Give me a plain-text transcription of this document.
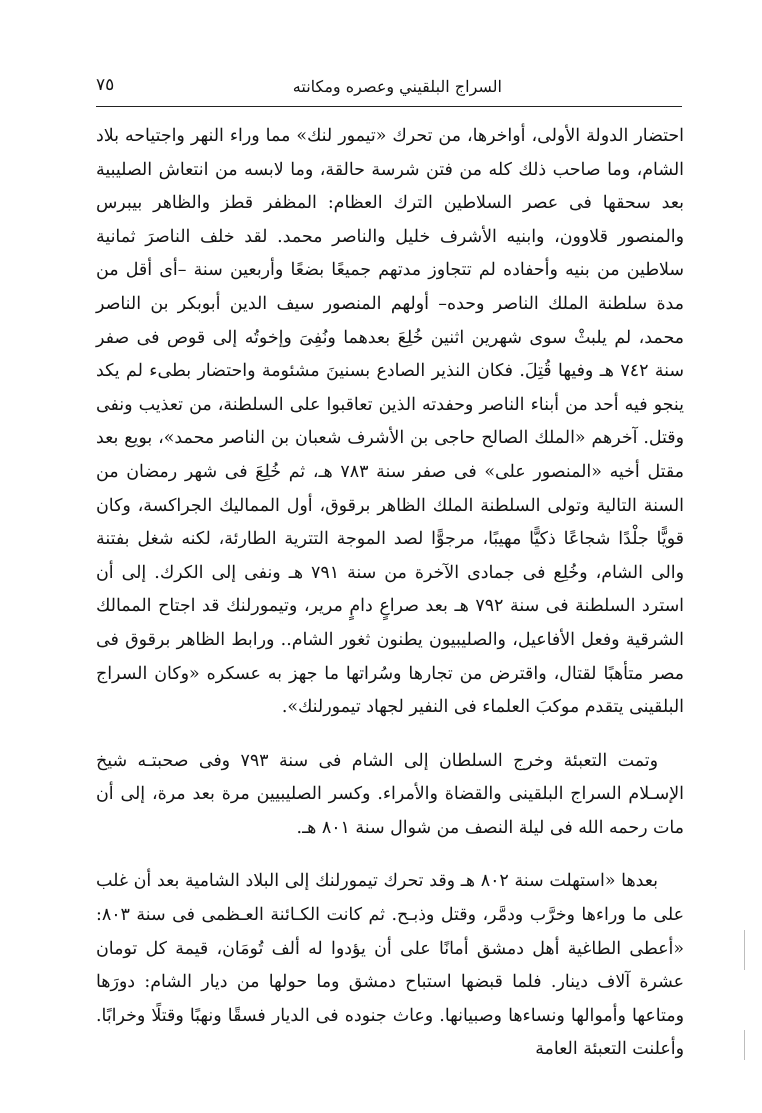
السراج البلقيني وعصره ومكانته
٧٥

احتضار الدولة الأولى، أواخرها، من تحرك «تيمور لنك» مما وراء النهر واجتياحه بلاد الشام، وما صاحب ذلك كله من فتن شرسة حالقة، وما لابسه من انتعاش الصليبية بعد سحقها فى عصر السلاطين الترك العظام: المظفر قطز والظاهر بيبرس والمنصور قلاوون، وابنيه الأشرف خليل والناصر محمد. لقد خلف الناصرَ ثمانية سلاطين من بنيه وأحفاده لم تتجاوز مدتهم جميعًا بضعًا وأربعين سنة –أى أقل من مدة سلطنة الملك الناصر وحده– أولهم المنصور سيف الدين أبوبكر بن الناصر محمد، لم يلبثْ سوى شهرين اثنين خُلِعَ بعدهما ونُفِىَ وإخوتُه إلى قوص فى صفر سنة ٧٤٢ هـ وفيها قُتِلَ. فكان النذير الصادع بسنينَ مشئومة واحتضار بطىء لم يكد ينجو فيه أحد من أبناء الناصر وحفدته الذين تعاقبوا على السلطنة، من تعذيب ونفى وقتل. آخرهم «الملك الصالح حاجى بن الأشرف شعبان بن الناصر محمد»، بويع بعد مقتل أخيه «المنصور على» فى صفر سنة ٧٨٣ هـ، ثم خُلِعَ فى شهر رمضان من السنة التالية وتولى السلطنة الملك الظاهر برقوق، أول المماليك الجراكسة، وكان قويًّا جلْدًا شجاعًا ذكيًّا مهيبًا، مرجوًّا لصد الموجة التترية الطارئة، لكنه شغل بفتنة والى الشام، وخُلِع فى جمادى الآخرة من سنة ٧٩١ هـ ونفى إلى الكرك. إلى أن استرد السلطنة فى سنة ٧٩٢ هـ بعد صراعٍ دامٍ مرير، وتيمورلنك قد اجتاح الممالك الشرقية وفعل الأفاعيل، والصليبيون يطنون ثغور الشام.. ورابط الظاهر برقوق فى مصر متأهبًا لقتال، واقترض من تجارها وسُراتها ما جهز به عسكره «وكان السراج البلقينى يتقدم موكبَ العلماء فى النفير لجهاد تيمورلنك».

وتمت التعبئة وخرج السلطان إلى الشام فى سنة ٧٩٣ وفى صحبتـه شيخ الإسـلام السراج البلقينى والقضاة والأمراء. وكسر الصليبيين مرة بعد مرة، إلى أن مات رحمه الله فى ليلة النصف من شوال سنة ٨٠١ هـ.

بعدها «استهلت سنة ٨٠٢ هـ وقد تحرك تيمورلنك إلى البلاد الشامية بعد أن غلب على ما وراءها وخرَّب ودمَّر، وقتل وذبـح. ثم كانت الكـائنة العـظمى فى سنة ٨٠٣: «أعطى الطاغية أهل دمشق أمانًا على أن يؤدوا له ألف تُومَان، قيمة كل تومان عشرة آلاف دينار. فلما قبضها استباح دمشق وما حولها من ديار الشام: دورَها ومتاعها وأموالها ونساءها وصبيانها. وعاث جنوده فى الديار فسقًا ونهبًا وقتلًا وخرابًا. وأعلنت التعبئة العامة
